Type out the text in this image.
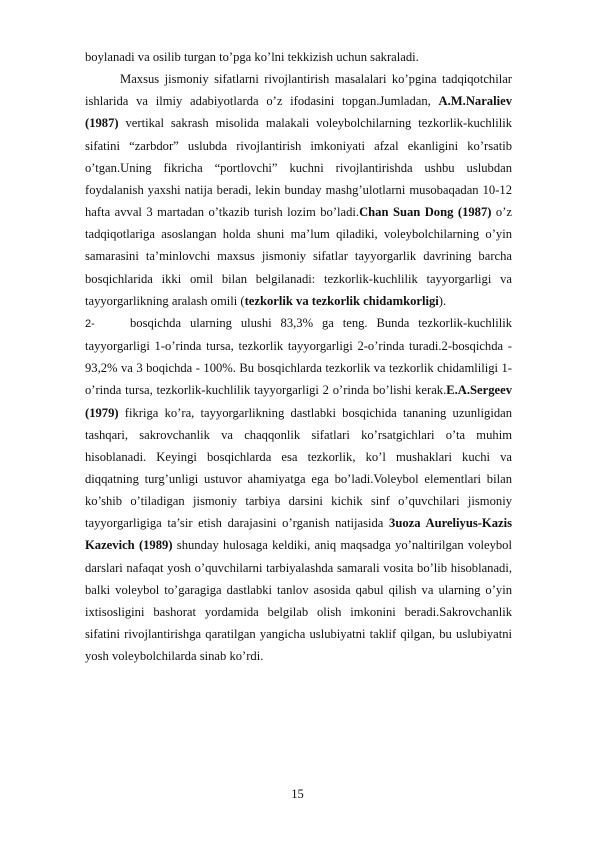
boylanadi va osilib turgan to’pga ko’lni tekkizish uchun sakraladi.

Maxsus jismoniy sifatlarni rivojlantirish masalalari ko’pgina tadqiqotchilar ishlarida va ilmiy adabiyotlarda o’z ifodasini topgan.Jumladan, A.M.Naraliev (1987) vertikal sakrash misolida malakali voleybolchilarning tezkorlik-kuchlilik sifatini “zarbdor” uslubda rivojlantirish imkoniyati afzal ekanligini ko’rsatib o’tgan.Uning fikricha “portlovchi” kuchni rivojlantirishda ushbu uslubdan foydalanish yaxshi natija beradi, lekin bunday mashg’ulotlarni musobaqadan 10-12 hafta avval 3 martadan o’tkazib turish lozim bo’ladi.Chan Suan Dong (1987) o’z tadqiqotlariga asoslangan holda shuni ma’lum qiladiki, voleybolchilarning o’yin samarasini ta’minlovchi maxsus jismoniy sifatlar tayyorgarlik davrining barcha bosqichlarida ikki omil bilan belgilanadi: tezkorlik-kuchlilik tayyorgarligi va tayyorgarlikning aralash omili (tezkorlik va tezkorlik chidamkorligi).

2-	bosqichda ularning ulushi 83,3% ga teng. Bunda tezkorlik-kuchlilik tayyorgarligi 1-o’rinda tursa, tezkorlik tayyorgarligi 2-o’rinda turadi.2-bosqichda - 93,2% va 3 boqichda - 100%. Bu bosqichlarda tezkorlik va tezkorlik chidamliligi 1-o’rinda tursa, tezkorlik-kuchlilik tayyorgarligi 2 o’rinda bo’lishi kerak.E.A.Sergeev (1979) fikriga ko’ra, tayyorgarlikning dastlabki bosqichida tananing uzunligidan tashqari, sakrovchanlik va chaqqonlik sifatlari ko’rsatgichlari o’ta muhim hisoblanadi. Keyingi bosqichlarda esa tezkorlik, ko’l mushaklari kuchi va diqqatning turg’unligi ustuvor ahamiyatga ega bo’ladi.Voleybol elementlari bilan ko’shib o’tiladigan jismoniy tarbiya darsini kichik sinf o’quvchilari jismoniy tayyorgarligiga ta’sir etish darajasini o’rganish natijasida 3uoza Aureliyus-Kazis Kazevich (1989) shunday hulosaga keldiki, aniq maqsadga yo’naltirilgan voleybol darslari nafaqat yosh o’quvchilarni tarbiyalashda samarali vosita bo’lib hisoblanadi, balki voleybol to’garagiga dastlabki tanlov asosida qabul qilish va ularning o’yin ixtisosligini bashorat yordamida belgilab olish imkonini beradi.Sakrovchanlik sifatini rivojlantirishga qaratilgan yangicha uslubiyatni taklif qilgan, bu uslubiyatni yosh voleybolchilarda sinab ko’rdi.

15
